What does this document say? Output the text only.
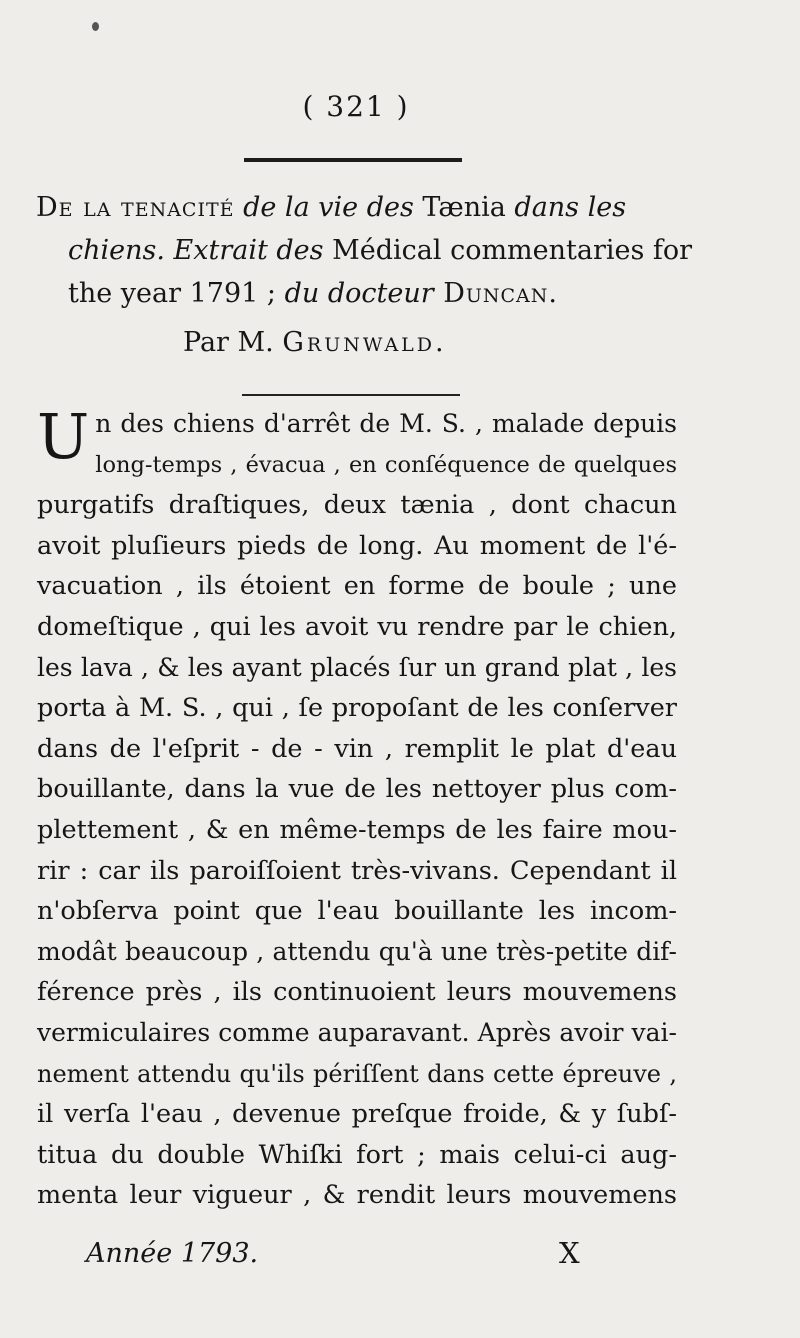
( 321 )
De la tenacité de la vie des Tænia dans les
chiens. Extrait des Médical commentaries for
the year 1791 ; du docteur Duncan.
Par M. Grunwald.
U n des chiens d'arrêt de M. S. , malade depuis
long-temps , évacua , en conſéquence de quelques
purgatifs draſtiques, deux tænia , dont chacun
avoit pluſieurs pieds de long. Au moment de l'é-
vacuation , ils étoient en forme de boule ; une
domeſtique , qui les avoit vu rendre par le chien,
les lava , & les ayant placés ſur un grand plat , les
porta à M. S. , qui , ſe propoſant de les conſerver
dans de l'eſprit - de - vin , remplit le plat d'eau
bouillante, dans la vue de les nettoyer plus com-
plettement , & en même-temps de les faire mou-
rir : car ils paroiſſoient très-vivans. Cependant il
n'obſerva point que l'eau bouillante les incom-
modât beaucoup , attendu qu'à une très-petite dif-
férence près , ils continuoient leurs mouvemens
vermiculaires comme auparavant. Après avoir vai-
nement attendu qu'ils périſſent dans cette épreuve ,
il verſa l'eau , devenue preſque froide, & y ſubſ-
titua du double Whiſki fort ; mais celui-ci aug-
menta leur vigueur , & rendit leurs mouvemens
Année 1793.	X
